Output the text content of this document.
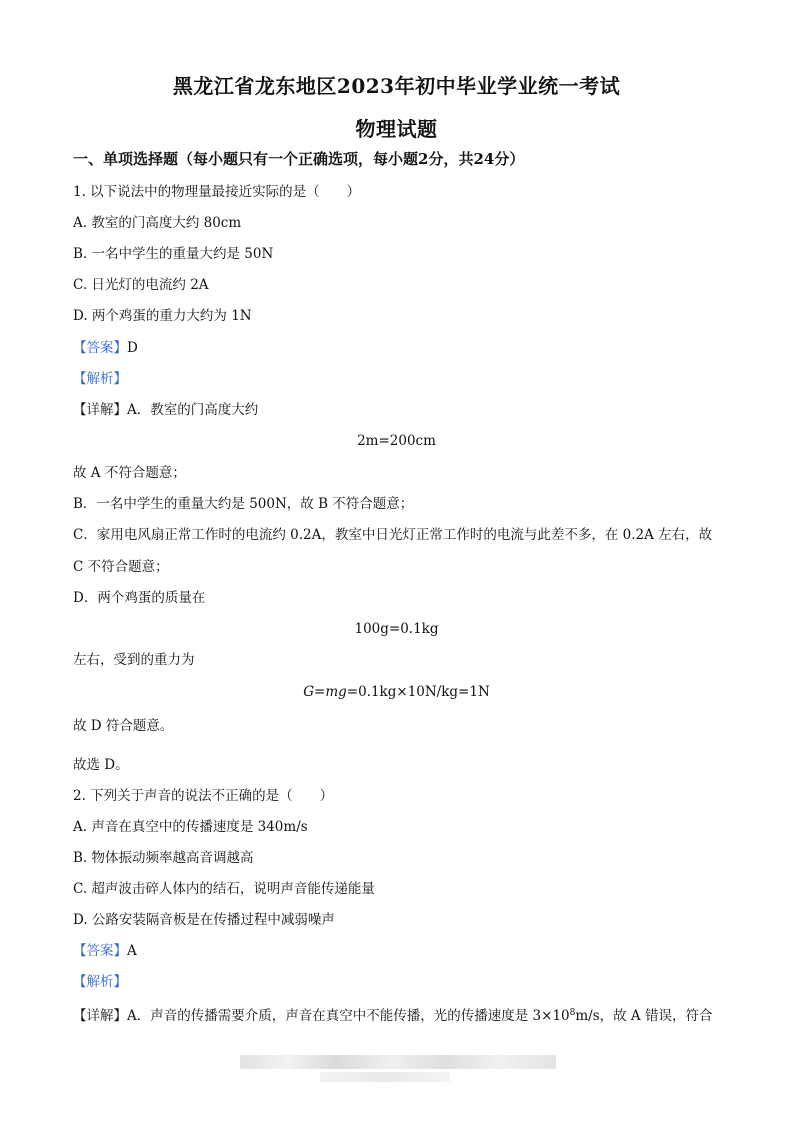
黑龙江省龙东地区2023年初中毕业学业统一考试
物理试题
一、单项选择题（每小题只有一个正确选项，每小题2分，共24分）
1. 以下说法中的物理量最接近实际的是（　　）
A. 教室的门高度大约 80cm
B. 一名中学生的重量大约是 50N
C. 日光灯的电流约 2A
D. 两个鸡蛋的重力大约为 1N
【答案】D
【解析】
【详解】A．教室的门高度大约
2m=200cm
故 A 不符合题意；
B．一名中学生的重量大约是 500N，故 B 不符合题意；
C．家用电风扇正常工作时的电流约 0.2A，教室中日光灯正常工作时的电流与此差不多，在 0.2A 左右，故
C 不符合题意；
D．两个鸡蛋的质量在
100g=0.1kg
左右，受到的重力为
G=mg=0.1kg×10N/kg=1N
故 D 符合题意。
故选 D。
2. 下列关于声音的说法不正确的是（　　）
A. 声音在真空中的传播速度是 340m/s
B. 物体振动频率越高音调越高
C. 超声波击碎人体内的结石，说明声音能传递能量
D. 公路安装隔音板是在传播过程中减弱噪声
【答案】A
【解析】
【详解】A．声音的传播需要介质，声音在真空中不能传播，光的传播速度是 $3\times 10^8m/s$，故 A 错误，符合
